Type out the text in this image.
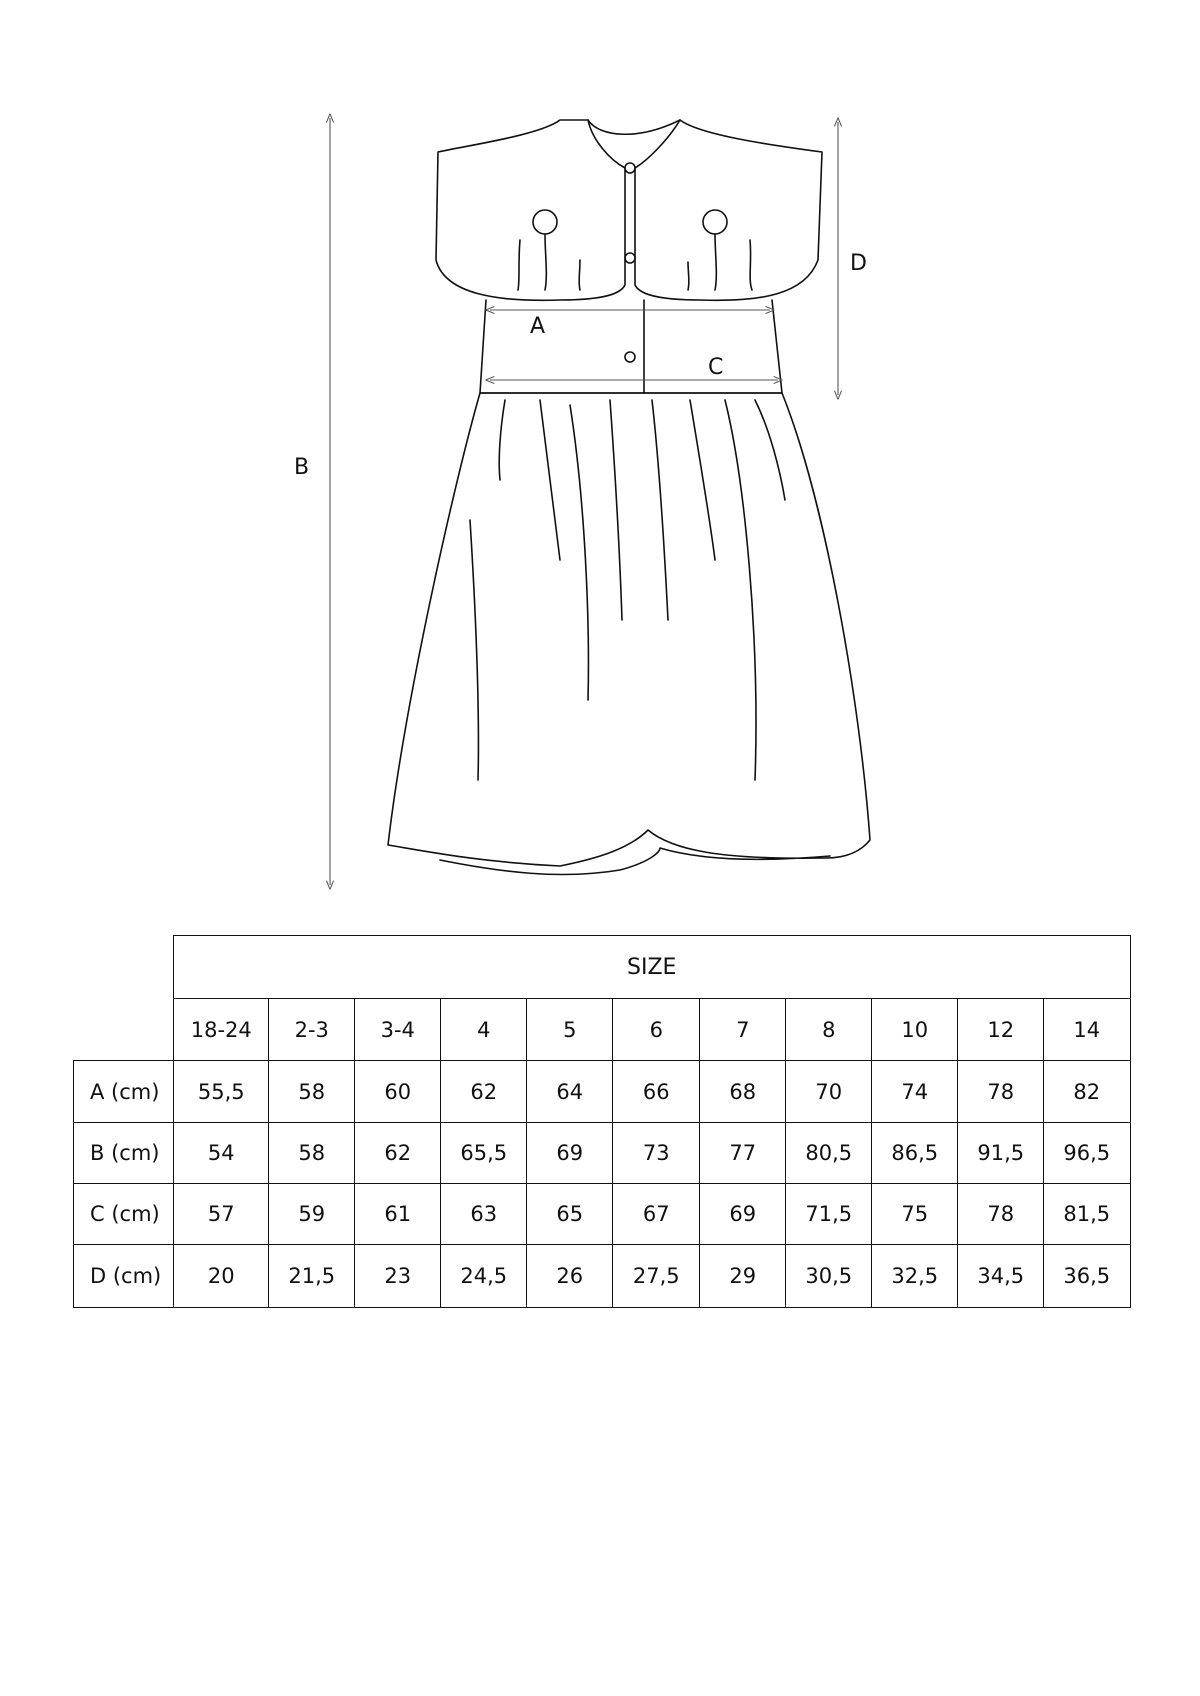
A
B
C
D
SIZE
18-24	2-3	3-4	4	5	6	7	8	10	12	14
A (cm)	55,5	58	60	62	64	66	68	70	74	78	82
B (cm)	54	58	62	65,5	69	73	77	80,5	86,5	91,5	96,5
C (cm)	57	59	61	63	65	67	69	71,5	75	78	81,5
D (cm)	20	21,5	23	24,5	26	27,5	29	30,5	32,5	34,5	36,5
